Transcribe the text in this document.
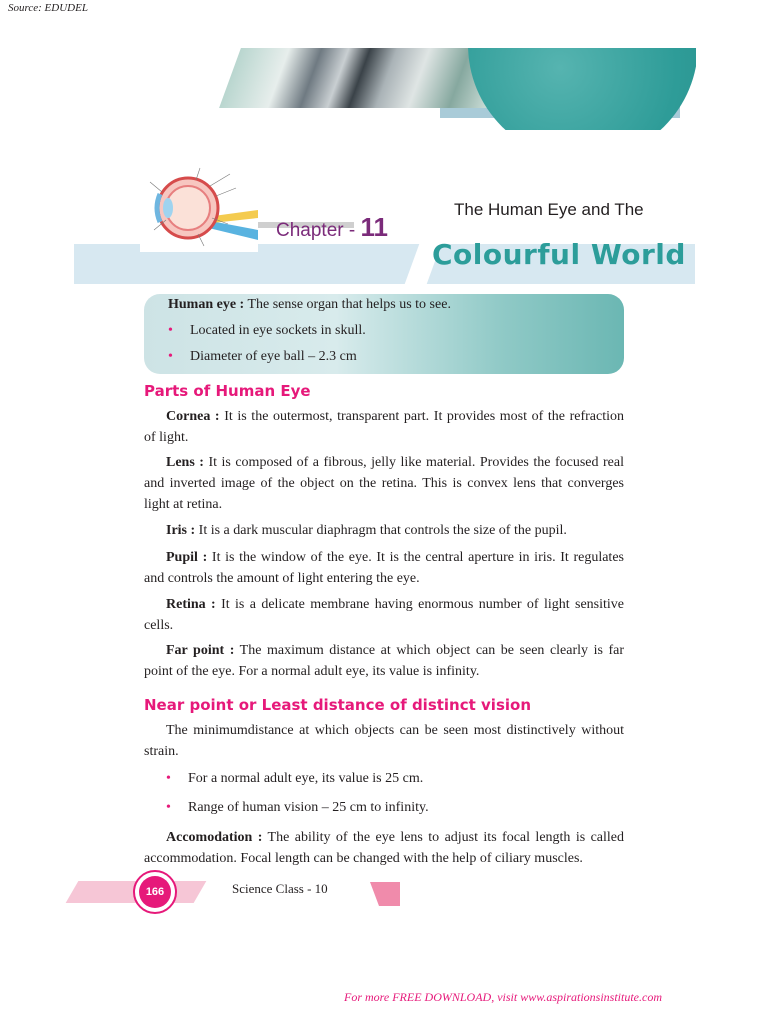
Source: EDUDEL
Chapter - 11
The Human Eye and The
Colourful World
Human eye : The sense organ that helps us to see.
• Located in eye sockets in skull.
• Diameter of eye ball – 2.3 cm
Parts of Human Eye
Cornea : It is the outermost, transparent part. It provides most of the refraction of light.
Lens : It is composed of a fibrous, jelly like material. Provides the focused real and inverted image of the object on the retina. This is convex lens that converges light at retina.
Iris : It is a dark muscular diaphragm that controls the size of the pupil.
Pupil : It is the window of the eye. It is the central aperture in iris. It regulates and controls the amount of light entering the eye.
Retina : It is a delicate membrane having enormous number of light sensitive cells.
Far point : The maximum distance at which object can be seen clearly is far point of the eye. For a normal adult eye, its value is infinity.
Near point or Least distance of distinct vision
The minimumdistance at which objects can be seen most distinctively without strain.
• For a normal adult eye, its value is 25 cm.
• Range of human vision – 25 cm to infinity.
Accomodation : The ability of the eye lens to adjust its focal length is called accommodation. Focal length can be changed with the help of ciliary muscles.
166	Science Class - 10
For more FREE DOWNLOAD, visit www.aspirationsinstitute.com
